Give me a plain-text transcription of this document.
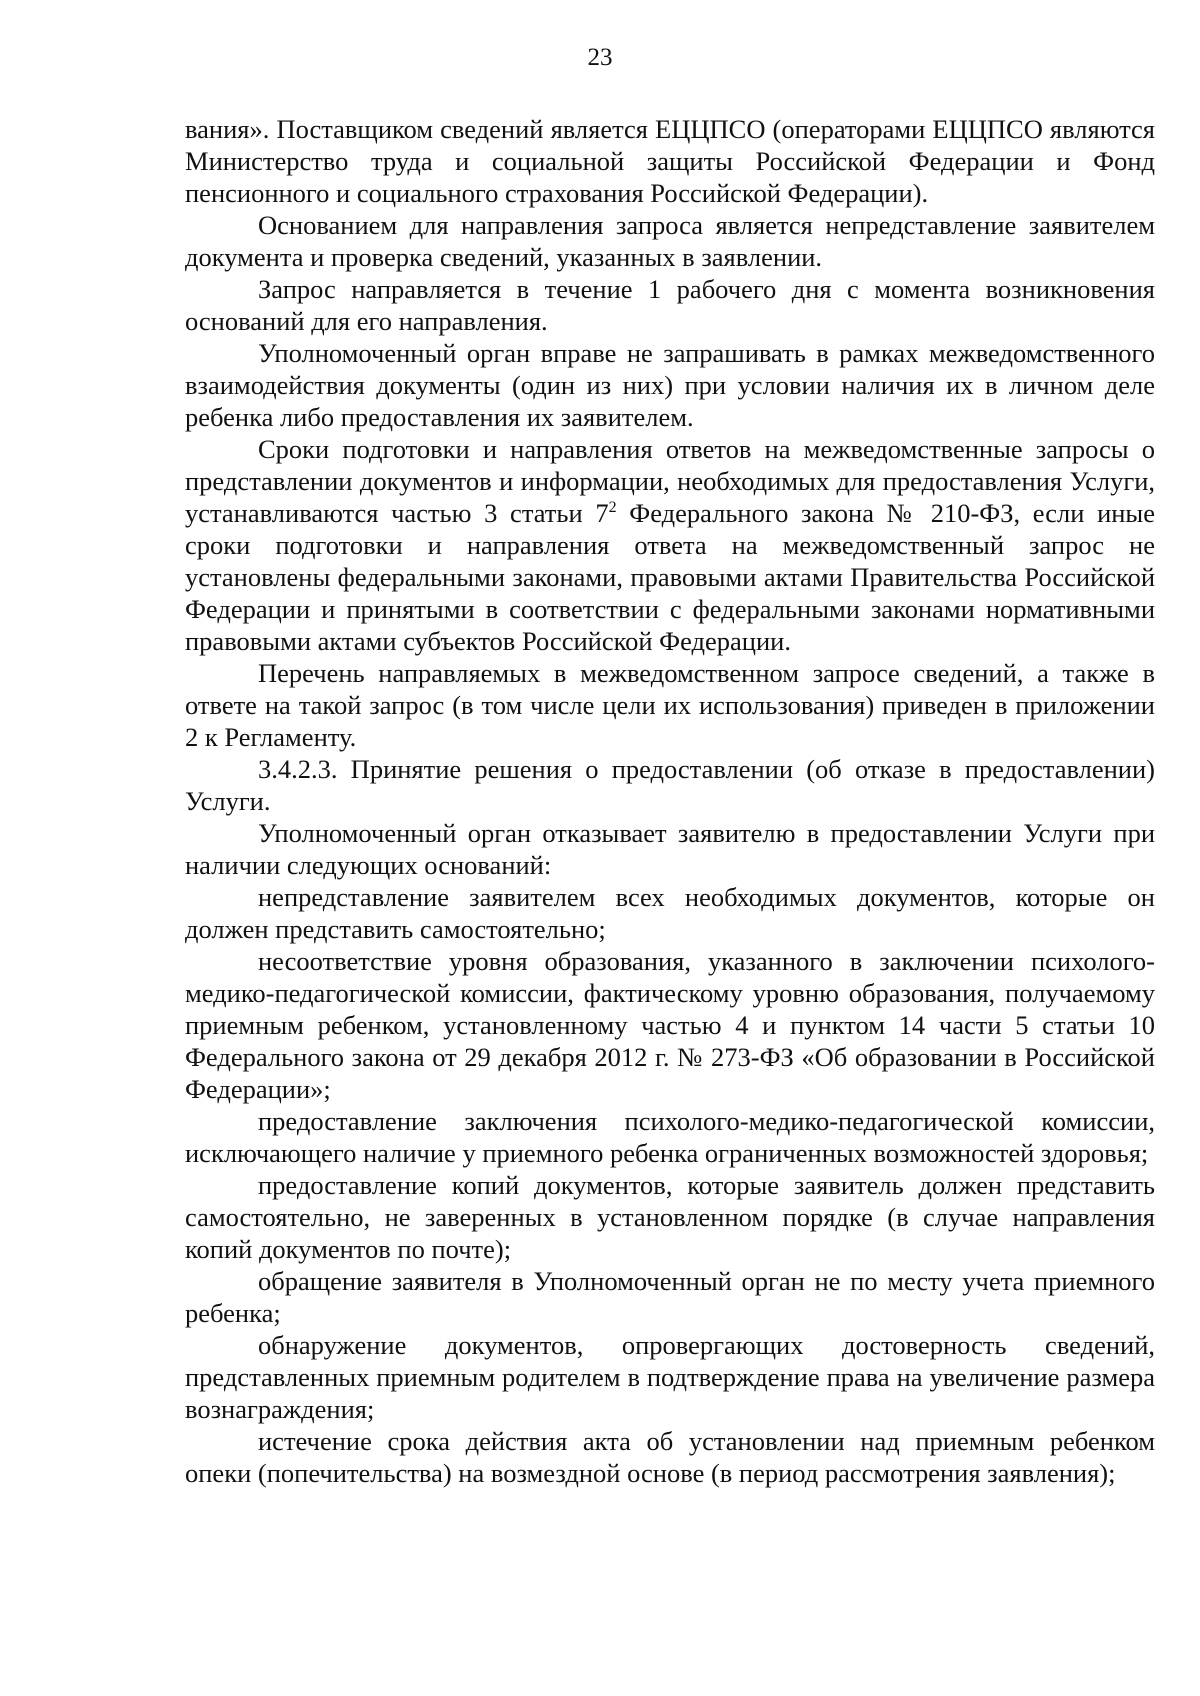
23

вания». Поставщиком сведений является ЕЦЦПСО (операторами ЕЦЦПСО являются Министерство труда и социальной защиты Российской Федерации и Фонд пенсионного и социального страхования Российской Федерации).

Основанием для направления запроса является непредставление заявителем документа и проверка сведений, указанных в заявлении.

Запрос направляется в течение 1 рабочего дня с момента возникновения оснований для его направления.

Уполномоченный орган вправе не запрашивать в рамках межведомственного взаимодействия документы (один из них) при условии наличия их в личном деле ребенка либо предоставления их заявителем.

Сроки подготовки и направления ответов на межведомственные запросы о представлении документов и информации, необходимых для предоставления Услуги, устанавливаются частью 3 статьи $7^2$ Федерального закона № 210-ФЗ, если иные сроки подготовки и направления ответа на межведомственный запрос не установлены федеральными законами, правовыми актами Правительства Российской Федерации и принятыми в соответствии с федеральными законами нормативными правовыми актами субъектов Российской Федерации.

Перечень направляемых в межведомственном запросе сведений, а также в ответе на такой запрос (в том числе цели их использования) приведен в приложении 2 к Регламенту.

3.4.2.3. Принятие решения о предоставлении (об отказе в предоставлении) Услуги.

Уполномоченный орган отказывает заявителю в предоставлении Услуги при наличии следующих оснований:

непредставление заявителем всех необходимых документов, которые он должен представить самостоятельно;

несоответствие уровня образования, указанного в заключении психолого-медико-педагогической комиссии, фактическому уровню образования, получаемому приемным ребенком, установленному частью 4 и пунктом 14 части 5 статьи 10 Федерального закона от 29 декабря 2012 г. № 273-ФЗ «Об образовании в Российской Федерации»;

предоставление заключения психолого-медико-педагогической комиссии, исключающего наличие у приемного ребенка ограниченных возможностей здоровья;

предоставление копий документов, которые заявитель должен представить самостоятельно, не заверенных в установленном порядке (в случае направления копий документов по почте);

обращение заявителя в Уполномоченный орган не по месту учета приемного ребенка;

обнаружение документов, опровергающих достоверность сведений, представленных приемным родителем в подтверждение права на увеличение размера вознаграждения;

истечение срока действия акта об установлении над приемным ребенком опеки (попечительства) на возмездной основе (в период рассмотрения заявления);
